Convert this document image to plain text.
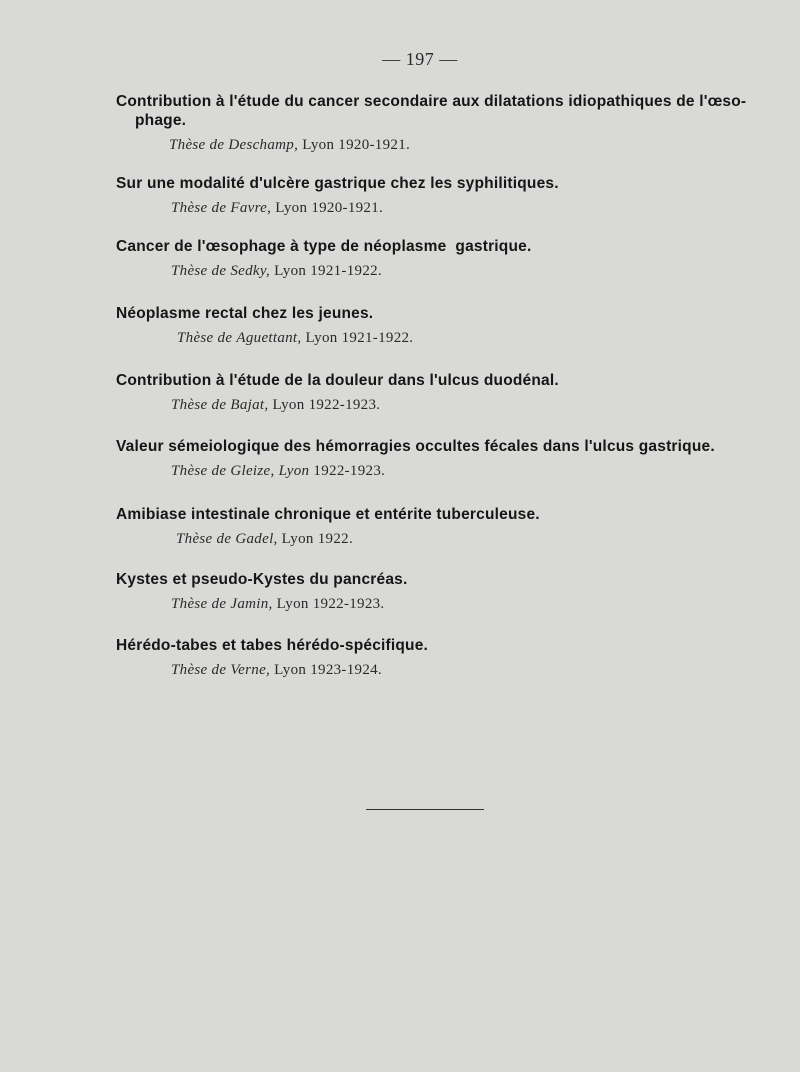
— 197 —
Contribution à l'étude du cancer secondaire aux dilatations idiopathiques de l'œso-
phage.
Thèse de Deschamp, Lyon 1920-1921.
Sur une modalité d'ulcère gastrique chez les syphilitiques.
Thèse de Favre, Lyon 1920-1921.
Cancer de l'œsophage à type de néoplasme  gastrique.
Thèse de Sedky, Lyon 1921-1922.
Néoplasme rectal chez les jeunes.
Thèse de Aguettant, Lyon 1921-1922.
Contribution à l'étude de la douleur dans l'ulcus duodénal.
Thèse de Bajat, Lyon 1922-1923.
Valeur sémeiologique des hémorragies occultes fécales dans l'ulcus gastrique.
Thèse de Gleize, Lyon 1922-1923.
Amibiase intestinale chronique et entérite tuberculeuse.
Thèse de Gadel, Lyon 1922.
Kystes et pseudo-Kystes du pancréas.
Thèse de Jamin, Lyon 1922-1923.
Hérédo-tabes et tabes hérédo-spécifique.
Thèse de Verne, Lyon 1923-1924.
